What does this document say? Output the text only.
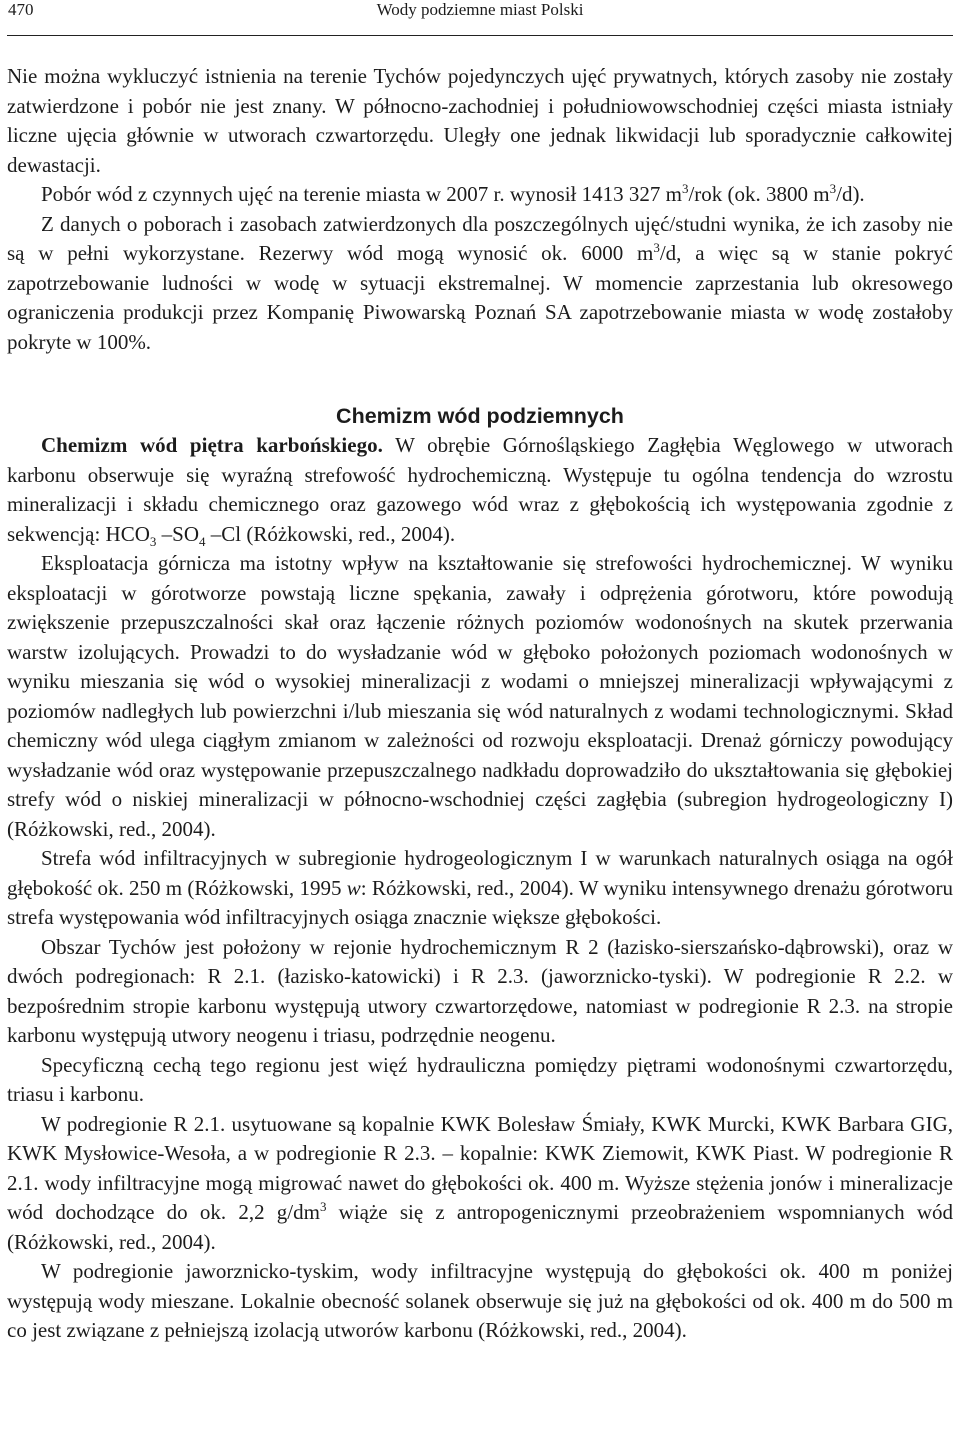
470	Wody podziemne miast Polski

Nie można wykluczyć istnienia na terenie Tychów pojedynczych ujęć prywatnych, których zasoby nie zostały zatwierdzone i pobór nie jest znany. W północno-zachodniej i południowowschodniej części miasta istniały liczne ujęcia głównie w utworach czwartorzędu. Uległy one jednak likwidacji lub sporadycznie całkowitej dewastacji.

Pobór wód z czynnych ujęć na terenie miasta w 2007 r. wynosił 1413 327 $m^3$/rok (ok. 3800 $m^3/d$).

Z danych o poborach i zasobach zatwierdzonych dla poszczególnych ujęć/studni wynika, że ich zasoby nie są w pełni wykorzystane. Rezerwy wód mogą wynosić ok. 6000 $m^3/d$, a więc są w stanie pokryć zapotrzebowanie ludności w wodę w sytuacji ekstremalnej. W momencie zaprzestania lub okresowego ograniczenia produkcji przez Kompanię Piwowarską Poznań SA zapotrzebowanie miasta w wodę zostałoby pokryte w 100%.

Chemizm wód podziemnych

Chemizm wód piętra karbońskiego. W obrębie Górnośląskiego Zagłębia Węglowego w utworach karbonu obserwuje się wyraźną strefowość hydrochemiczną. Występuje tu ogólna tendencja do wzrostu mineralizacji i składu chemicznego oraz gazowego wód wraz z głębokością ich występowania zgodnie z sekwencją: $HCO_3$ $-SO_4$ –Cl (Różkowski, red., 2004).

Eksploatacja górnicza ma istotny wpływ na kształtowanie się strefowości hydrochemicznej. W wyniku eksploatacji w górotworze powstają liczne spękania, zawały i odprężenia górotworu, które powodują zwiększenie przepuszczalności skał oraz łączenie różnych poziomów wodonośnych na skutek przerwania warstw izolujących. Prowadzi to do wysładzanie wód w głęboko położonych poziomach wodonośnych w wyniku mieszania się wód o wysokiej mineralizacji z wodami o mniejszej mineralizacji wpływającymi z poziomów nadległych lub powierzchni i/lub mieszania się wód naturalnych z wodami technologicznymi. Skład chemiczny wód ulega ciągłym zmianom w zależności od rozwoju eksploatacji. Drenaż górniczy powodujący wysładzanie wód oraz występowanie przepuszczalnego nadkładu doprowadziło do ukształtowania się głębokiej strefy wód o niskiej mineralizacji w północno-wschodniej części zagłębia (subregion hydrogeologiczny I) (Różkowski, red., 2004).

Strefa wód infiltracyjnych w subregionie hydrogeologicznym I w warunkach naturalnych osiąga na ogół głębokość ok. 250 m (Różkowski, 1995 w: Różkowski, red., 2004). W wyniku intensywnego drenażu górotworu strefa występowania wód infiltracyjnych osiąga znacznie większe głębokości.

Obszar Tychów jest położony w rejonie hydrochemicznym R 2 (łazisko-sierszańsko-dąbrowski), oraz w dwóch podregionach: R 2.1. (łazisko-katowicki) i R 2.3. (jaworznicko-tyski). W podregionie R 2.2. w bezpośrednim stropie karbonu występują utwory czwartorzędowe, natomiast w podregionie R 2.3. na stropie karbonu występują utwory neogenu i triasu, podrzędnie neogenu.

Specyficzną cechą tego regionu jest więź hydrauliczna pomiędzy piętrami wodonośnymi czwartorzędu, triasu i karbonu.

W podregionie R 2.1. usytuowane są kopalnie KWK Bolesław Śmiały, KWK Murcki, KWK Barbara GIG, KWK Mysłowice-Wesoła, a w podregionie R 2.3. – kopalnie: KWK Ziemowit, KWK Piast. W podregionie R 2.1. wody infiltracyjne mogą migrować nawet do głębokości ok. 400 m. Wyższe stężenia jonów i mineralizacje wód dochodzące do ok. 2,2 $g/dm^3$ wiąże się z antropogenicznymi przeobrażeniem wspomnianych wód (Różkowski, red., 2004).

W podregionie jaworznicko-tyskim, wody infiltracyjne występują do głębokości ok. 400 m poniżej występują wody mieszane. Lokalnie obecność solanek obserwuje się już na głębokości od ok. 400 m do 500 m co jest związane z pełniejszą izolacją utworów karbonu (Różkowski, red., 2004).
